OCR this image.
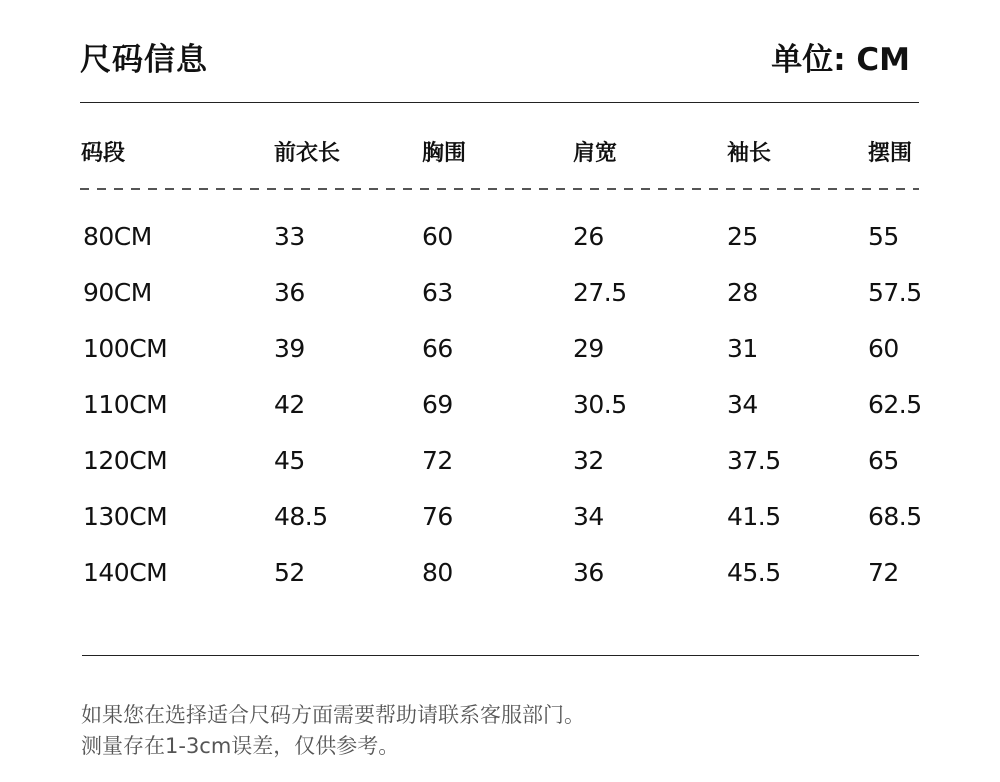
尺码信息	单位: CM
码段	前衣长	胸围	肩宽	袖长	摆围
80CM	33	60	26	25	55
90CM	36	63	27.5	28	57.5
100CM	39	66	29	31	60
110CM	42	69	30.5	34	62.5
120CM	45	72	32	37.5	65
130CM	48.5	76	34	41.5	68.5
140CM	52	80	36	45.5	72
如果您在选择适合尺码方面需要帮助请联系客服部门。
测量存在1-3cm误差，仅供参考。
